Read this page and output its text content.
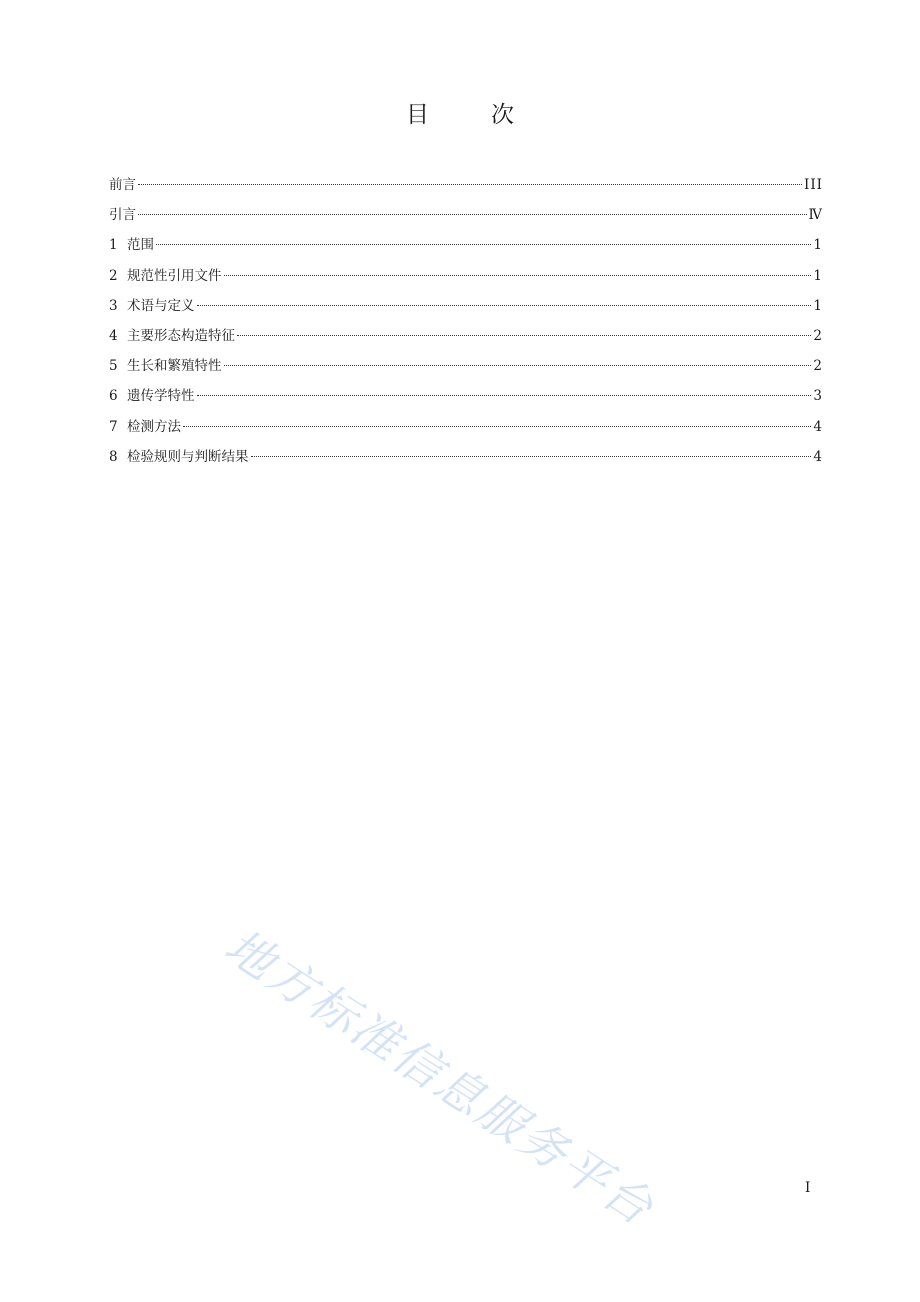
目	次
前言	III
引言	Ⅳ
1 范围	1
2 规范性引用文件	1
3 术语与定义	1
4 主要形态构造特征	2
5 生长和繁殖特性	2
6 遗传学特性	3
7 检测方法	4
8 检验规则与判断结果	4
地方标准信息服务平台	I
